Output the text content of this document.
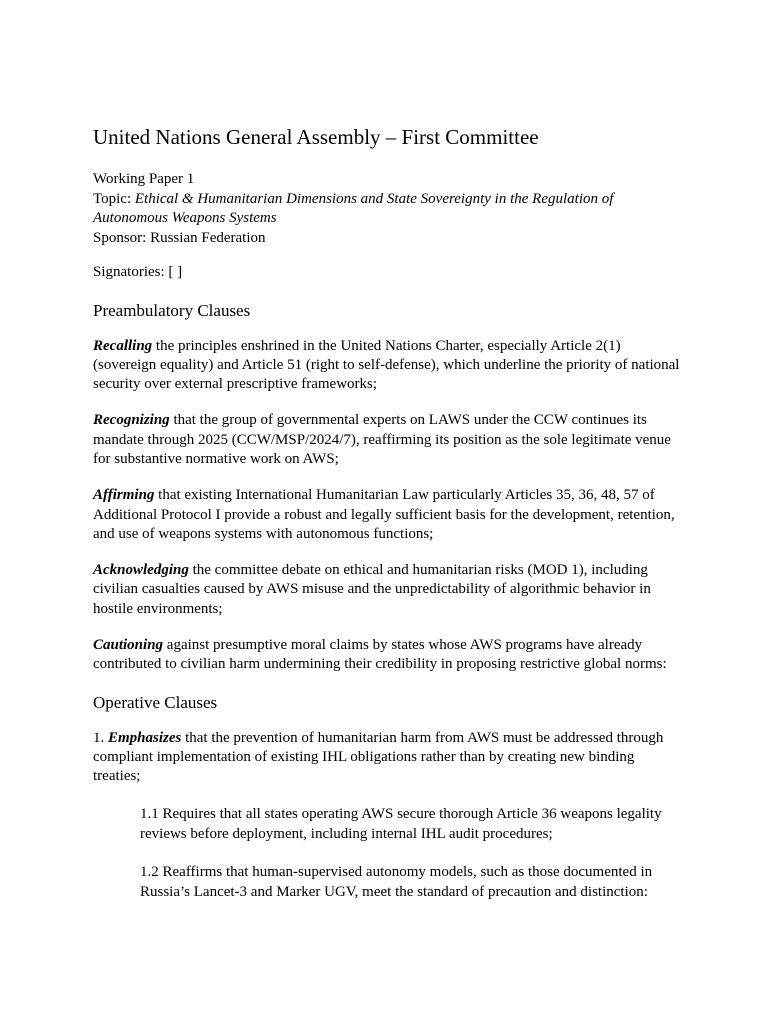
United Nations General Assembly – First Committee

Working Paper 1
Topic: Ethical & Humanitarian Dimensions and State Sovereignty in the Regulation of Autonomous Weapons Systems
Sponsor: Russian Federation

Signatories: [ ]

Preambulatory Clauses

Recalling the principles enshrined in the United Nations Charter, especially Article 2(1) (sovereign equality) and Article 51 (right to self-defense), which underline the priority of national security over external prescriptive frameworks;

Recognizing that the group of governmental experts on LAWS under the CCW continues its mandate through 2025 (CCW/MSP/2024/7), reaffirming its position as the sole legitimate venue for substantive normative work on AWS;

Affirming that existing International Humanitarian Law particularly Articles 35, 36, 48, 57 of Additional Protocol I provide a robust and legally sufficient basis for the development, retention, and use of weapons systems with autonomous functions;

Acknowledging the committee debate on ethical and humanitarian risks (MOD 1), including civilian casualties caused by AWS misuse and the unpredictability of algorithmic behavior in hostile environments;

Cautioning against presumptive moral claims by states whose AWS programs have already contributed to civilian harm undermining their credibility in proposing restrictive global norms:

Operative Clauses

1. Emphasizes that the prevention of humanitarian harm from AWS must be addressed through compliant implementation of existing IHL obligations rather than by creating new binding treaties;

1.1 Requires that all states operating AWS secure thorough Article 36 weapons legality reviews before deployment, including internal IHL audit procedures;

1.2 Reaffirms that human-supervised autonomy models, such as those documented in Russia’s Lancet-3 and Marker UGV, meet the standard of precaution and distinction:
